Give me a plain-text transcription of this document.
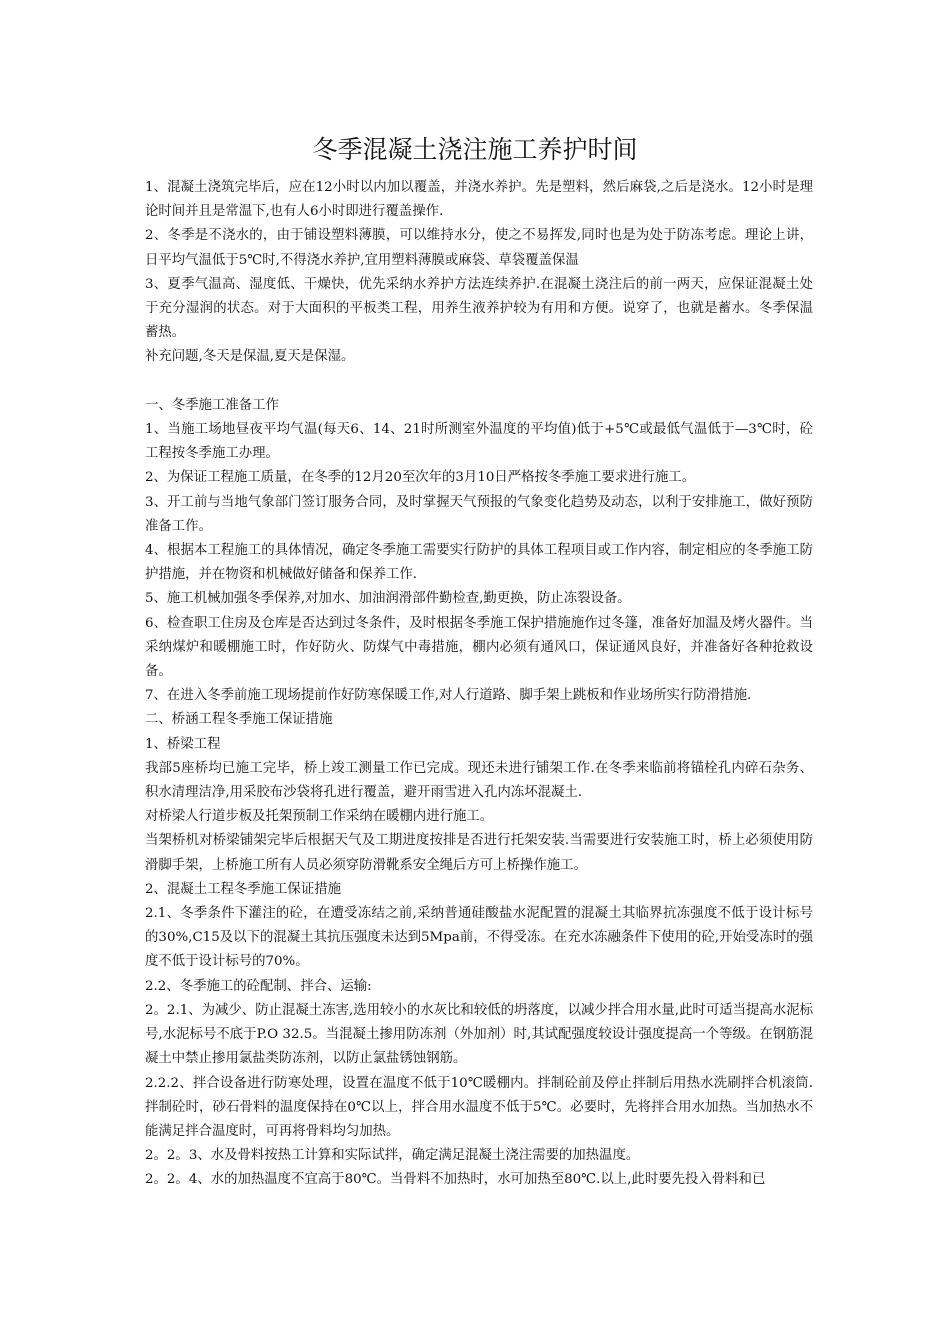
冬季混凝土浇注施工养护时间

1、混凝土浇筑完毕后，应在12小时以内加以覆盖，并浇水养护。先是塑料，然后麻袋,之后是浇水。12小时是理论时间并且是常温下,也有人6小时即进行覆盖操作.

2、冬季是不浇水的，由于铺设塑料薄膜，可以维持水分，使之不易挥发,同时也是为处于防冻考虑。理论上讲，日平均气温低于5℃时,不得浇水养护,宜用塑料薄膜或麻袋、草袋覆盖保温

3、夏季气温高、湿度低、干燥快，优先采纳水养护方法连续养护.在混凝土浇注后的前一两天，应保证混凝土处于充分湿润的状态。对于大面积的平板类工程，用养生液养护较为有用和方便。说穿了，也就是蓄水。冬季保温蓄热。

补充问题,冬天是保温,夏天是保湿。

一、冬季施工准备工作

1、当施工场地昼夜平均气温(每天6、14、21时所测室外温度的平均值)低于+5℃或最低气温低于—3℃时，砼工程按冬季施工办理。

2、为保证工程施工质量，在冬季的12月20至次年的3月10日严格按冬季施工要求进行施工。

3、开工前与当地气象部门签订服务合同，及时掌握天气预报的气象变化趋势及动态，以利于安排施工，做好预防准备工作。

4、根据本工程施工的具体情况，确定冬季施工需要实行防护的具体工程项目或工作内容，制定相应的冬季施工防护措施，并在物资和机械做好储备和保养工作.

5、施工机械加强冬季保养,对加水、加油润滑部件勤检查,勤更换，防止冻裂设备。

6、检查职工住房及仓库是否达到过冬条件，及时根据冬季施工保护措施施作过冬篷，准备好加温及烤火器件。当采纳煤炉和暖棚施工时，作好防火、防煤气中毒措施，棚内必须有通风口，保证通风良好，并准备好各种抢救设备。

7、在进入冬季前施工现场提前作好防寒保暖工作,对人行道路、脚手架上跳板和作业场所实行防滑措施.

二、桥涵工程冬季施工保证措施

1、桥梁工程

我部5座桥均已施工完毕，桥上竣工测量工作已完成。现还未进行铺架工作.在冬季来临前将锚栓孔内碎石杂务、积水清理洁净,用采胶布沙袋将孔进行覆盖，避开雨雪进入孔内冻坏混凝土.

对桥梁人行道步板及托架预制工作采纳在暖棚内进行施工。

当架桥机对桥梁铺架完毕后根据天气及工期进度按排是否进行托架安装.当需要进行安装施工时，桥上必须使用防滑脚手架，上桥施工所有人员必须穿防滑靴系安全绳后方可上桥操作施工。

2、混凝土工程冬季施工保证措施

2.1、冬季条件下灌注的砼，在遭受冻结之前,采纳普通硅酸盐水泥配置的混凝土其临界抗冻强度不低于设计标号的30%,C15及以下的混凝土其抗压强度未达到5Mpa前，不得受冻。在充水冻融条件下使用的砼,开始受冻时的强度不低于设计标号的70%。

2.2、冬季施工的砼配制、拌合、运输:

2。2.1、为减少、防止混凝土冻害,选用较小的水灰比和较低的坍落度，以减少拌合用水量,此时可适当提高水泥标号,水泥标号不底于P.O 32.5。当混凝土掺用防冻剂（外加剂）时,其试配强度较设计强度提高一个等级。在钢筋混凝土中禁止掺用氯盐类防冻剂，以防止氯盐锈蚀钢筋。

2.2.2、拌合设备进行防寒处理，设置在温度不低于10℃暖棚内。拌制砼前及停止拌制后用热水洗刷拌合机滚筒.拌制砼时，砂石骨料的温度保持在0℃以上，拌合用水温度不低于5℃。必要时，先将拌合用水加热。当加热水不能满足拌合温度时，可再将骨料均匀加热。

2。2。3、水及骨料按热工计算和实际试拌，确定满足混凝土浇注需要的加热温度。

2。2。4、水的加热温度不宜高于80℃。当骨料不加热时，水可加热至80℃.以上,此时要先投入骨料和已
